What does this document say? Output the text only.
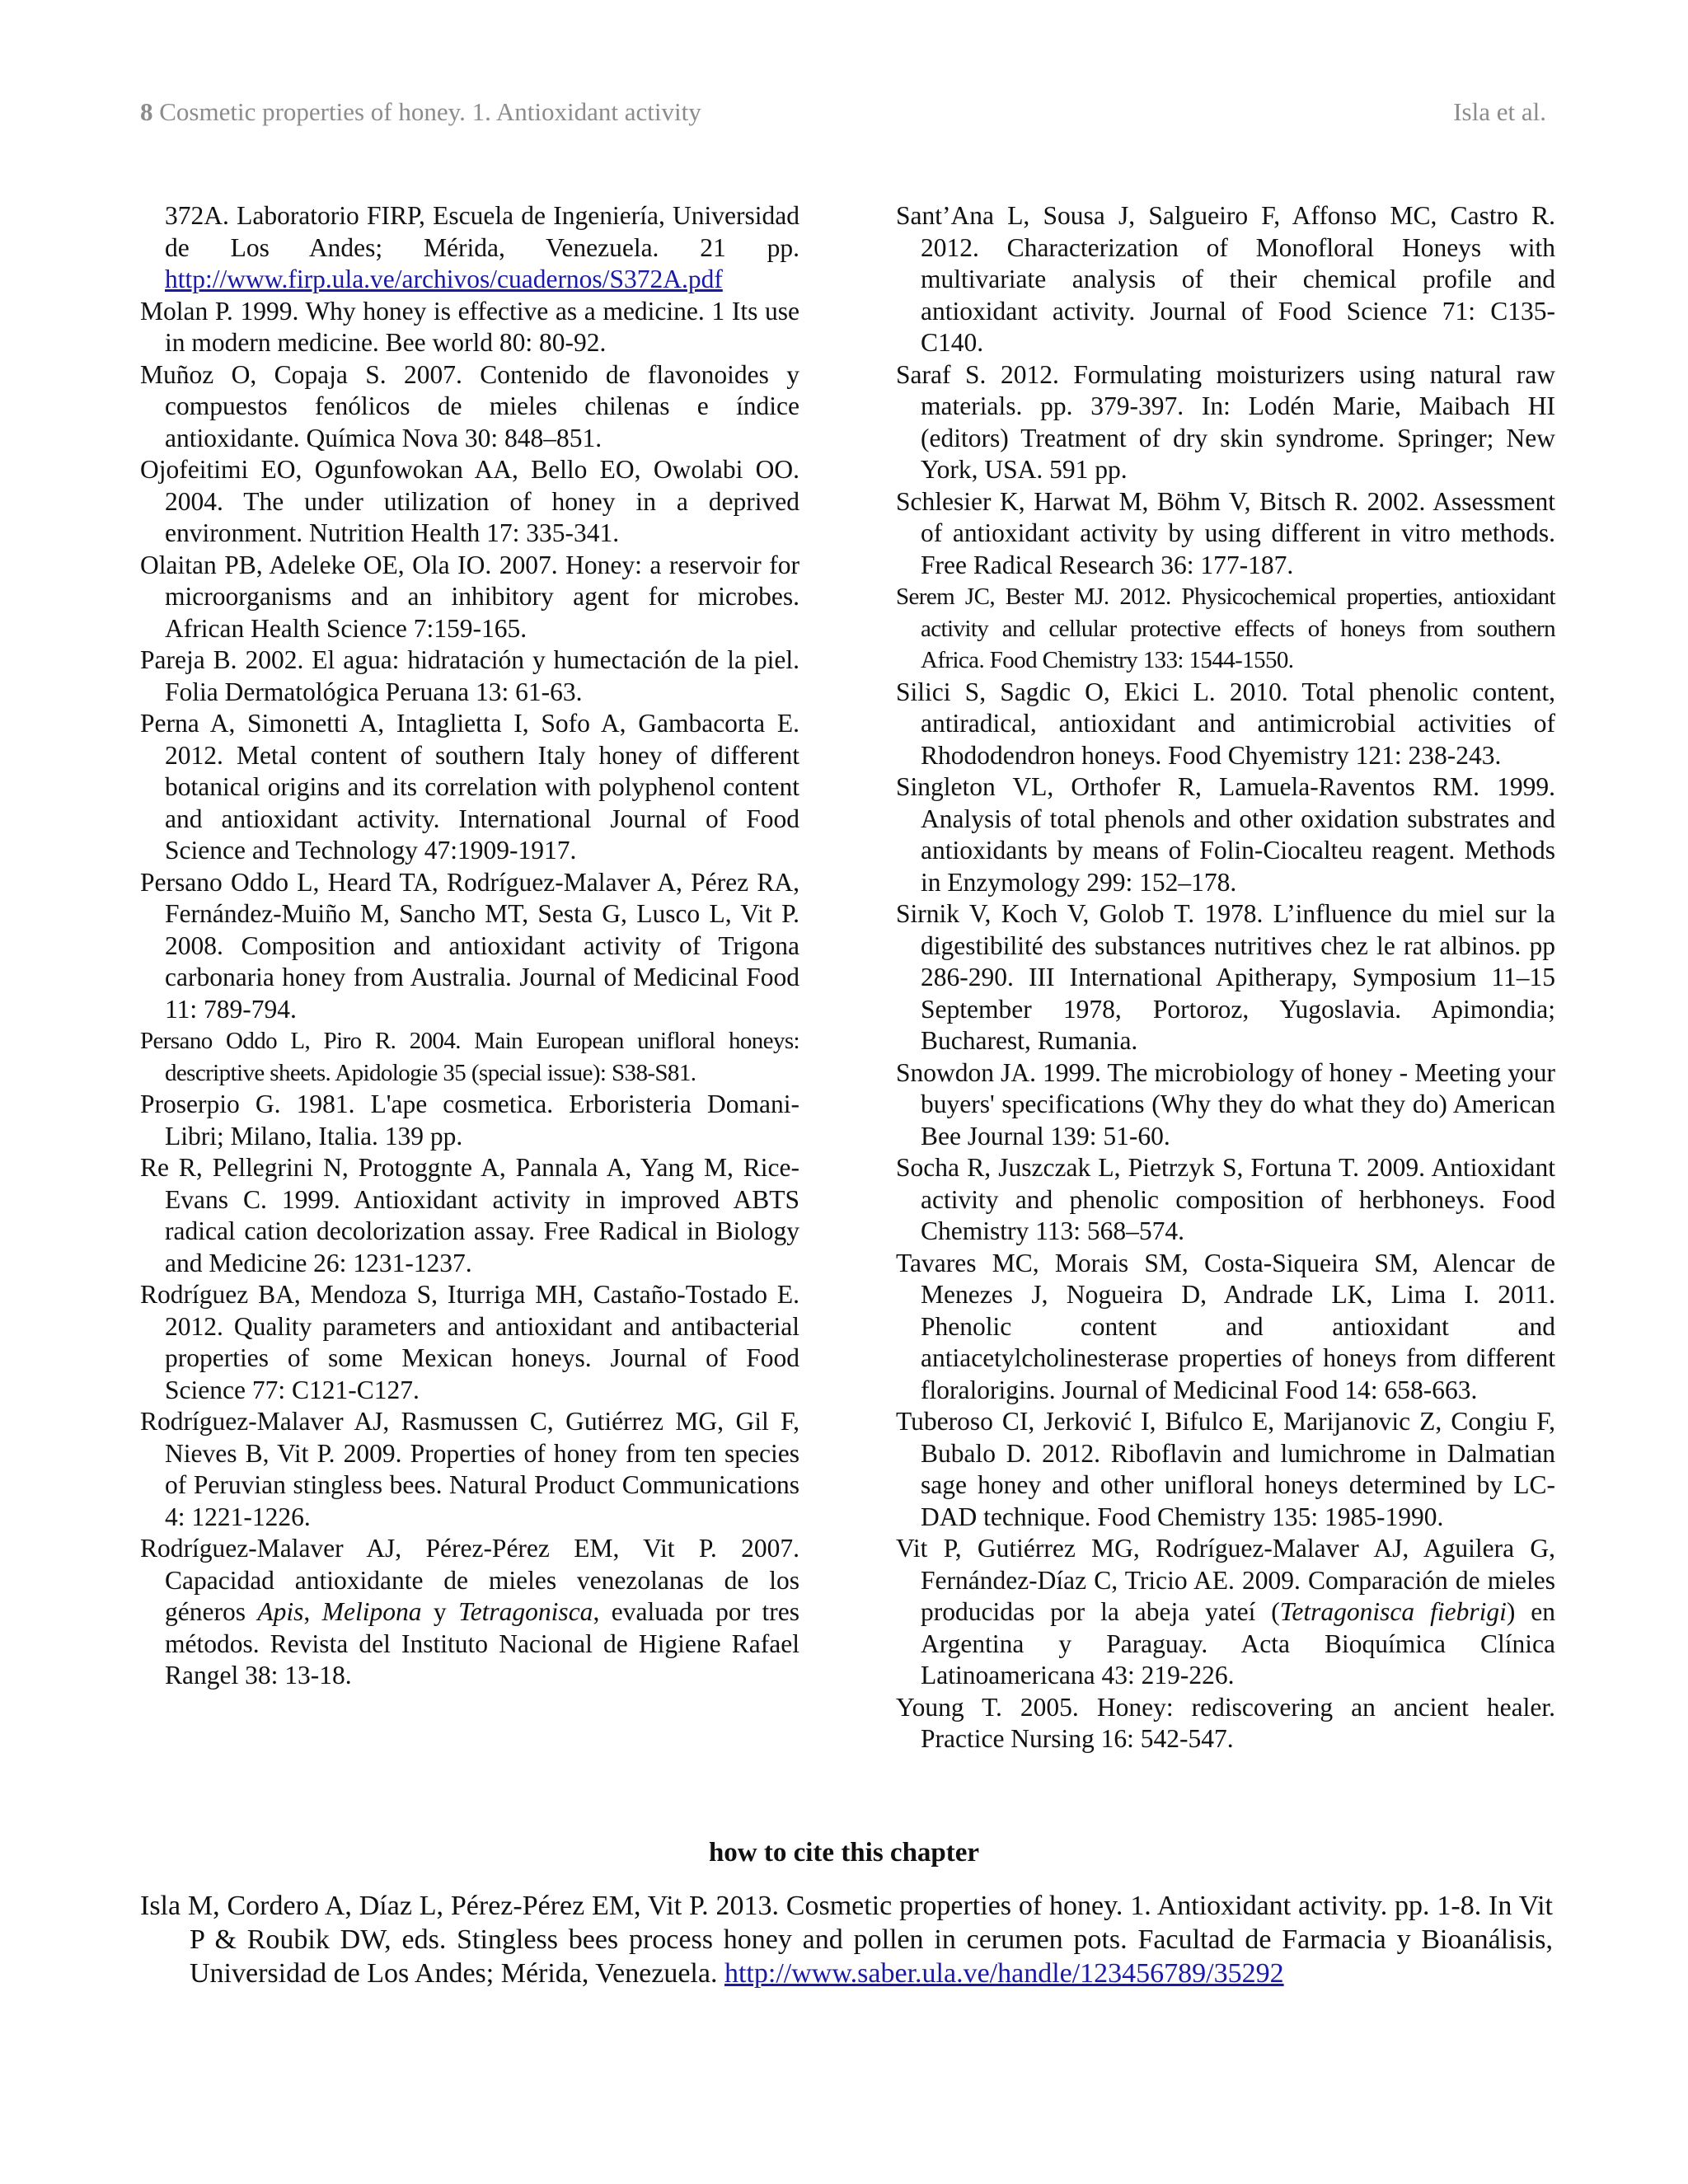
8 Cosmetic properties of honey. 1. Antioxidant activity	Isla et al.

372A. Laboratorio FIRP, Escuela de Ingeniería, Universidad de Los Andes; Mérida, Venezuela. 21 pp. http://www.firp.ula.ve/archivos/cuadernos/S372A.pdf

Molan P. 1999. Why honey is effective as a medicine. 1 Its use in modern medicine. Bee world 80: 80-92.

Muñoz O, Copaja S. 2007. Contenido de flavonoides y compuestos fenólicos de mieles chilenas e índice antioxidante. Química Nova 30: 848–851.

Ojofeitimi EO, Ogunfowokan AA, Bello EO, Owolabi OO. 2004. The under utilization of honey in a deprived environment. Nutrition Health 17: 335-341.

Olaitan PB, Adeleke OE, Ola IO. 2007. Honey: a reservoir for microorganisms and an inhibitory agent for microbes. African Health Science 7:159-165.

Pareja B. 2002. El agua: hidratación y humectación de la piel. Folia Dermatológica Peruana 13: 61-63.

Perna A, Simonetti A, Intaglietta I, Sofo A, Gambacorta E. 2012. Metal content of southern Italy honey of different botanical origins and its correlation with polyphenol content and antioxidant activity. International Journal of Food Science and Technology 47:1909-1917.

Persano Oddo L, Heard TA, Rodríguez-Malaver A, Pérez RA, Fernández-Muiño M, Sancho MT, Sesta G, Lusco L, Vit P. 2008. Composition and antioxidant activity of Trigona carbonaria honey from Australia. Journal of Medicinal Food 11: 789-794.

Persano Oddo L, Piro R. 2004. Main European unifloral honeys: descriptive sheets. Apidologie 35 (special issue): S38-S81.

Proserpio G. 1981. L'ape cosmetica. Erboristeria Domani-Libri; Milano, Italia. 139 pp.

Re R, Pellegrini N, Protoggnte A, Pannala A, Yang M, Rice-Evans C. 1999. Antioxidant activity in improved ABTS radical cation decolorization assay. Free Radical in Biology and Medicine 26: 1231-1237.

Rodríguez BA, Mendoza S, Iturriga MH, Castaño-Tostado E. 2012. Quality parameters and antioxidant and antibacterial properties of some Mexican honeys. Journal of Food Science 77: C121-C127.

Rodríguez-Malaver AJ, Rasmussen C, Gutiérrez MG, Gil F, Nieves B, Vit P. 2009. Properties of honey from ten species of Peruvian stingless bees. Natural Product Communications 4: 1221-1226.

Rodríguez-Malaver AJ, Pérez-Pérez EM, Vit P. 2007. Capacidad antioxidante de mieles venezolanas de los géneros Apis, Melipona y Tetragonisca, evaluada por tres métodos. Revista del Instituto Nacional de Higiene Rafael Rangel 38: 13-18.

Sant’Ana L, Sousa J, Salgueiro F, Affonso MC, Castro R. 2012. Characterization of Monofloral Honeys with multivariate analysis of their chemical profile and antioxidant activity. Journal of Food Science 71: C135-C140.

Saraf S. 2012. Formulating moisturizers using natural raw materials. pp. 379-397. In: Lodén Marie, Maibach HI (editors) Treatment of dry skin syndrome. Springer; New York, USA. 591 pp.

Schlesier K, Harwat M, Böhm V, Bitsch R. 2002. Assessment of antioxidant activity by using different in vitro methods. Free Radical Research 36: 177-187.

Serem JC, Bester MJ. 2012. Physicochemical properties, antioxidant activity and cellular protective effects of honeys from southern Africa. Food Chemistry 133: 1544-1550.

Silici S, Sagdic O, Ekici L. 2010. Total phenolic content, antiradical, antioxidant and antimicrobial activities of Rhododendron honeys. Food Chyemistry 121: 238-243.

Singleton VL, Orthofer R, Lamuela-Raventos RM. 1999. Analysis of total phenols and other oxidation substrates and antioxidants by means of Folin-Ciocalteu reagent. Methods in Enzymology 299: 152–178.

Sirnik V, Koch V, Golob T. 1978. L’influence du miel sur la digestibilité des substances nutritives chez le rat albinos. pp 286-290. III International Apitherapy, Symposium 11–15 September 1978, Portoroz, Yugoslavia. Apimondia; Bucharest, Rumania.

Snowdon JA. 1999. The microbiology of honey - Meeting your buyers' specifications (Why they do what they do) American Bee Journal 139: 51-60.

Socha R, Juszczak L, Pietrzyk S, Fortuna T. 2009. Antioxidant activity and phenolic composition of herbhoneys. Food Chemistry 113: 568–574.

Tavares MC, Morais SM, Costa-Siqueira SM, Alencar de Menezes J, Nogueira D, Andrade LK, Lima I. 2011. Phenolic content and antioxidant and antiacetylcholinesterase properties of honeys from different floralorigins. Journal of Medicinal Food 14: 658-663.

Tuberoso CI, Jerković I, Bifulco E, Marijanovic Z, Congiu F, Bubalo D. 2012. Riboflavin and lumichrome in Dalmatian sage honey and other unifloral honeys determined by LC-DAD technique. Food Chemistry 135: 1985-1990.

Vit P, Gutiérrez MG, Rodríguez-Malaver AJ, Aguilera G, Fernández-Díaz C, Tricio AE. 2009. Comparación de mieles producidas por la abeja yateí (Tetragonisca fiebrigi) en Argentina y Paraguay. Acta Bioquímica Clínica Latinoamericana 43: 219-226.

Young T. 2005. Honey: rediscovering an ancient healer. Practice Nursing 16: 542-547.

how to cite this chapter
Isla M, Cordero A, Díaz L, Pérez-Pérez EM, Vit P. 2013. Cosmetic properties of honey. 1. Antioxidant activity. pp. 1-8. In Vit P & Roubik DW, eds. Stingless bees process honey and pollen in cerumen pots. Facultad de Farmacia y Bioanálisis, Universidad de Los Andes; Mérida, Venezuela. http://www.saber.ula.ve/handle/123456789/35292
